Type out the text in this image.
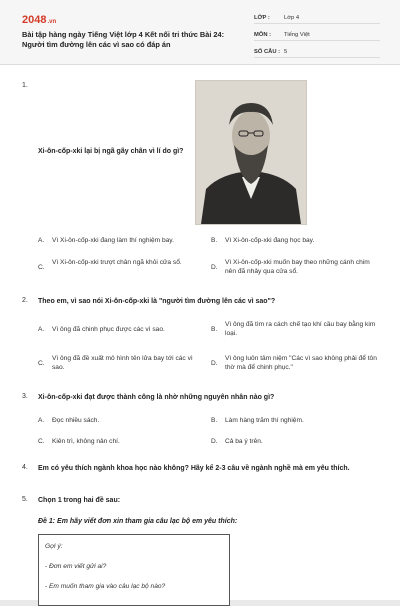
2048.vn
Bài tập hàng ngày Tiếng Việt lớp 4 Kết nối tri thức Bài 24: Người tìm đường lên các vì sao có đáp án
LỚP :	Lớp 4
MÔN :	Tiếng Việt
SỐ CÂU : 5
1.
Xi-ôn-cốp-xki lại bị ngã gãy chân vì lí do gì?
A. Vì Xi-ôn-cốp-xki đang làm thí nghiệm bay.	B. Vì Xi-ôn-cốp-xki đang học bay.
C.
Vì Xi-ôn-cốp-xki trượt chân ngã khỏi cửa sổ.
D.
Vì Xi-ôn-cốp-xki muốn bay theo những cánh chim nên đã nhảy qua cửa sổ.
2. Theo em, vì sao nói Xi-ôn-cốp-xki là "người tìm đường lên các vì sao"?
A. Vì ông đã chinh phục được các vì sao.	B.
Vì ông đã tìm ra cách chế tạo khí cầu bay bằng kim loại.
C.
Vì ông đã đề xuất mô hình tên lửa bay tới các vì sao.
D.
Vì ông luôn tâm niệm "Các vì sao không phải để tôn thờ mà để chinh phục."
3. Xi-ôn-cốp-xki đạt được thành công là nhờ những nguyên nhân nào gì?
A. Đọc nhiều sách.	B. Làm hàng trăm thí nghiệm.
C. Kiên trì, không nản chí.	D. Cả ba ý trên.
4. Em có yêu thích ngành khoa học nào không? Hãy kể 2-3 câu về ngành nghề mà em yêu thích.
5. Chọn 1 trong hai đề sau:
Đề 1: Em hãy viết đơn xin tham gia câu lạc bộ em yêu thích:
Gợi ý:
- Đơn em viết gửi ai?
- Em muốn tham gia vào câu lạc bộ nào?
